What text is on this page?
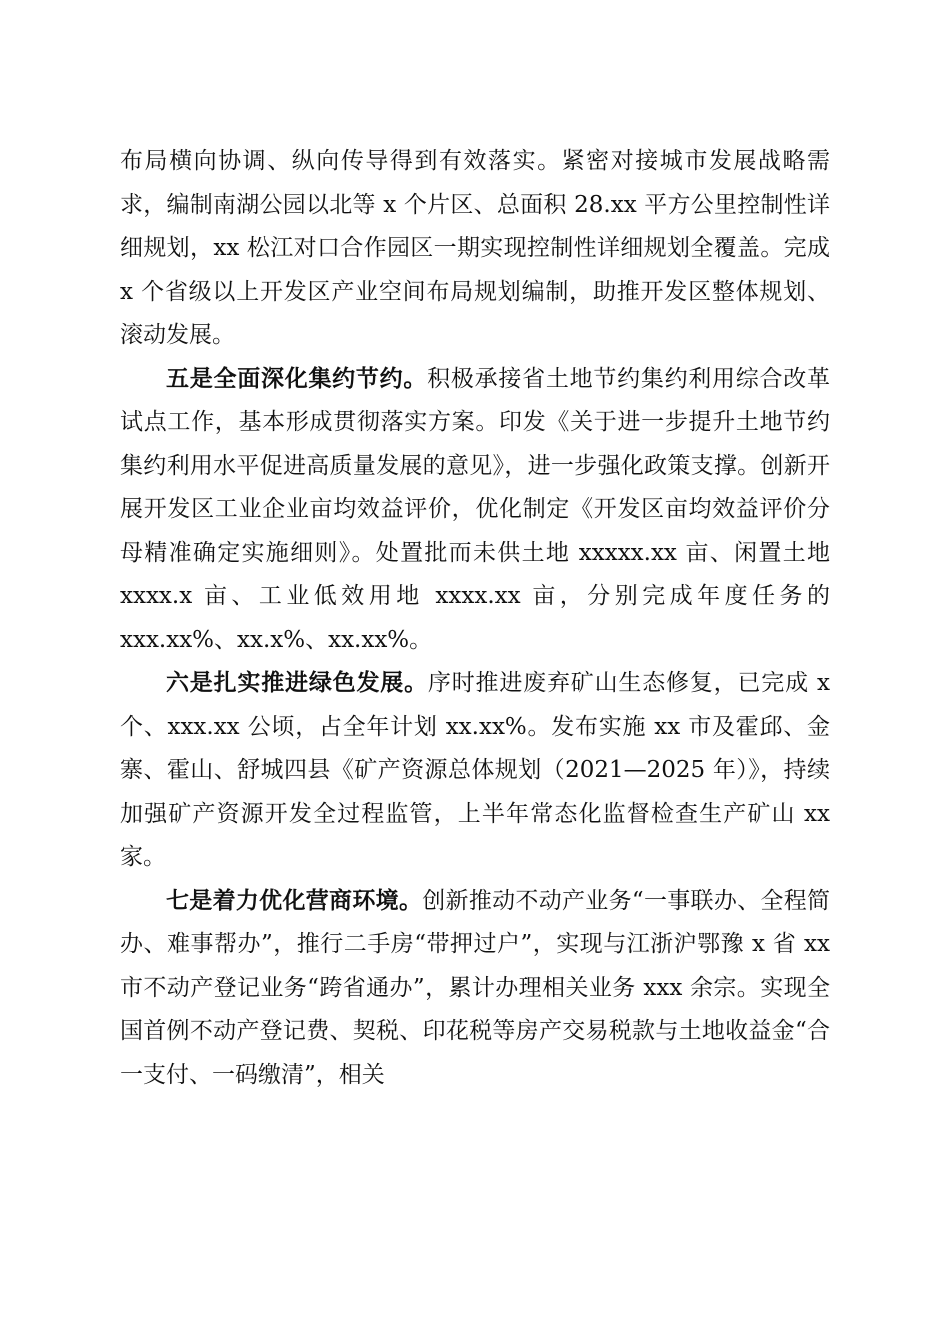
布局横向协调、纵向传导得到有效落实。紧密对接城市发展战略需求，编制南湖公园以北等 x 个片区、总面积 28.xx 平方公里控制性详细规划，xx 松江对口合作园区一期实现控制性详细规划全覆盖。完成 x 个省级以上开发区产业空间布局规划编制，助推开发区整体规划、滚动发展。

五是全面深化集约节约。积极承接省土地节约集约利用综合改革试点工作，基本形成贯彻落实方案。印发《关于进一步提升土地节约集约利用水平促进高质量发展的意见》，进一步强化政策支撑。创新开展开发区工业企业亩均效益评价，优化制定《开发区亩均效益评价分母精准确定实施细则》。处置批而未供土地 xxxxx.xx 亩、闲置土地 xxxx.x 亩、工业低效用地 xxxx.xx 亩，分别完成年度任务的 xxx.xx%、xx.x%、xx.xx%。

六是扎实推进绿色发展。序时推进废弃矿山生态修复，已完成 x 个、xxx.xx 公顷，占全年计划 xx.xx%。发布实施 xx 市及霍邱、金寨、霍山、舒城四县《矿产资源总体规划（2021—2025 年）》，持续加强矿产资源开发全过程监管，上半年常态化监督检查生产矿山 xx 家。

七是着力优化营商环境。创新推动不动产业务“一事联办、全程简办、难事帮办”，推行二手房“带押过户”，实现与江浙沪鄂豫 x 省 xx 市不动产登记业务“跨省通办”，累计办理相关业务 xxx 余宗。实现全国首例不动产登记费、契税、印花税等房产交易税款与土地收益金“合一支付、一码缴清”，相关
